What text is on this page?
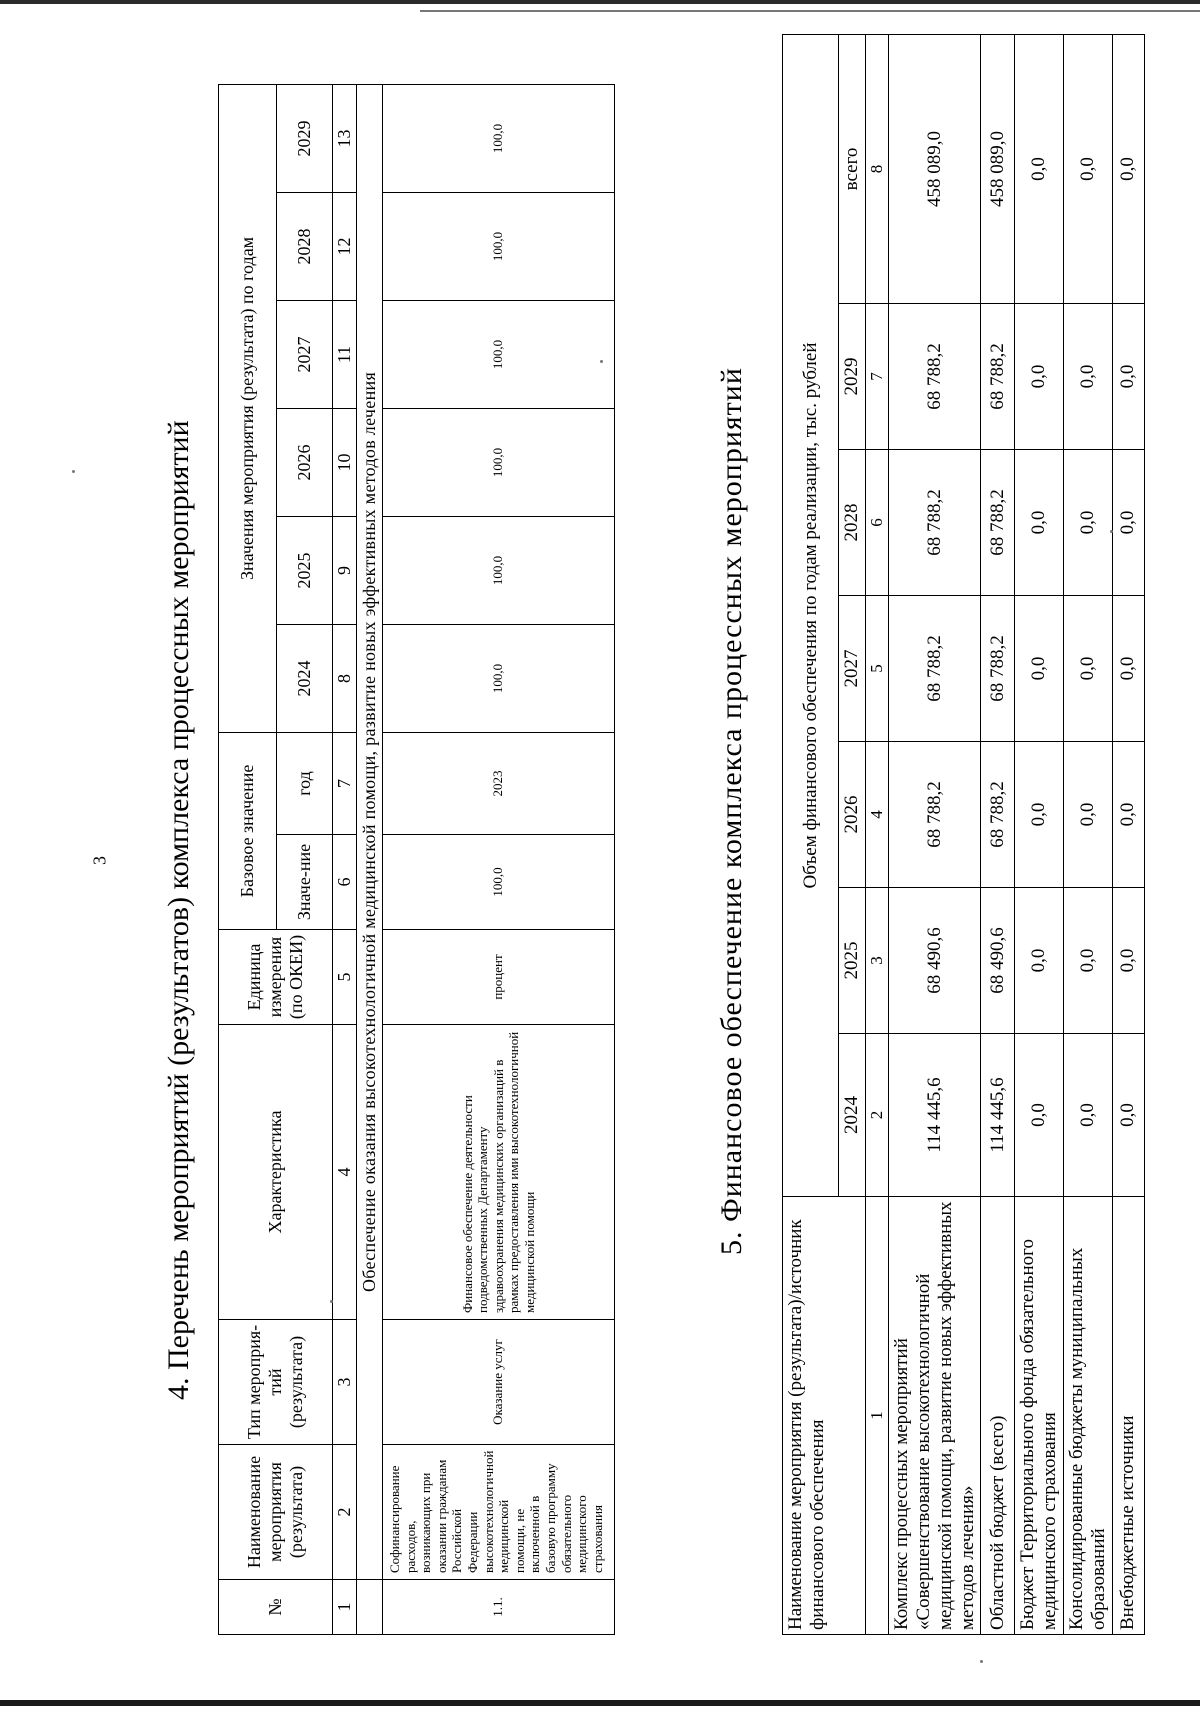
3 4. Перечень мероприятий (результатов) комплекса процессных мероприятий
№	Наименование мероприятия (результата)	Тип мероприя-тий (результата)	Характеристика	Единица измерения (по ОКЕИ)	Базовое значение		Значения мероприятия (результата) по годам					
					Значе-ние	год	2024	2025	2026	2027	2028	2029
1	2	3	4	5	6	7	8	9	10	11	12	13
	Обеспечение оказания высокотехнологичной медицинской помощи, развитие новых эффективных методов лечения											
1.1.	Софинансирование расходов, возникающих при оказании гражданам Российской Федерации высокотехнологичной медицинской помощи, не включенной в базовую программу обязательного медицинского страхования	Оказание услуг	Финансовое обеспечение деятельности подведомственных Департаменту здравоохранения медицинских организаций в рамках предоставления ими высокотехнологичной медицинской помощи	процент	100,0	2023	100,0	100,0	100,0	100,0	100,0	100,0
5. Финансовое обеспечение комплекса процессных мероприятий
Наименование мероприятия (результата)/источник финансового обеспечения	Объем финансового обеспечения по годам реализации, тыс. рублей						
	2024	2025	2026	2027	2028	2029	всего
1	2	3	4	5	6	7	8
Комплекс процессных мероприятий «Совершенствование высокотехнологичной медицинской помощи, развитие новых эффективных методов лечения»	114 445,6	68 490,6	68 788,2	68 788,2	68 788,2	68 788,2	458 089,0
Областной бюджет (всего)	114 445,6	68 490,6	68 788,2	68 788,2	68 788,2	68 788,2	458 089,0
Бюджет Территориального фонда обязательного медицинского страхования	0,0	0,0	0,0	0,0	0,0	0,0	0,0
Консолидированные бюджеты муниципальных образований	0,0	0,0	0,0	0,0	0,0	0,0	0,0
Внебюджетные источники	0,0	0,0	0,0	0,0	0,0	0,0	0,0
